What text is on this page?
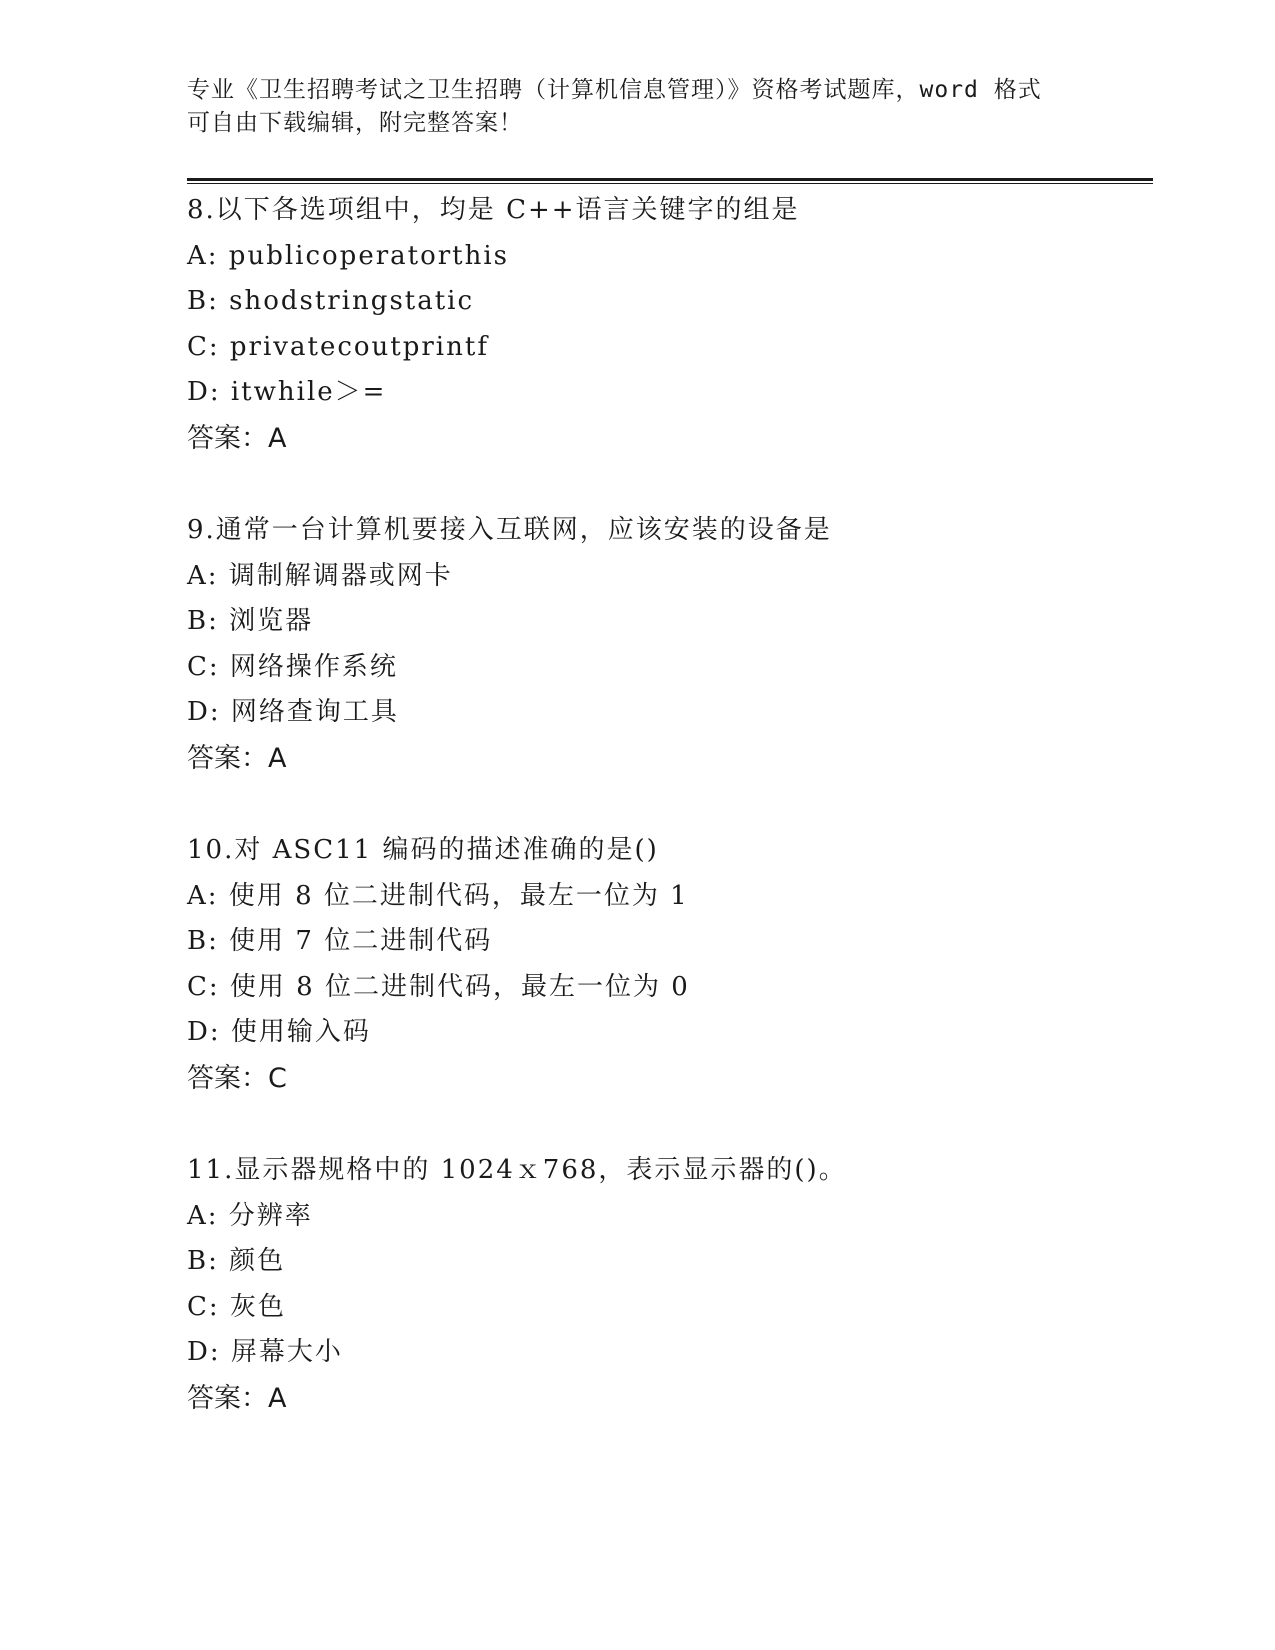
专业《卫生招聘考试之卫生招聘（计算机信息管理）》资格考试题库，word 格式
可自由下载编辑，附完整答案！
8.以下各选项组中，均是 C++语言关键字的组是
A: publicoperatorthis
B: shodstringstatic
C: privatecoutprintf
D: itwhile＞=
答案：A
9.通常一台计算机要接入互联网，应该安装的设备是
A: 调制解调器或网卡
B: 浏览器
C: 网络操作系统
D: 网络查询工具
答案：A
10.对 ASC11 编码的描述准确的是()
A: 使用 8 位二进制代码，最左一位为 1
B: 使用 7 位二进制代码
C: 使用 8 位二进制代码，最左一位为 0
D: 使用输入码
答案：C
11.显示器规格中的 1024ｘ768，表示显示器的()。
A: 分辨率
B: 颜色
C: 灰色
D: 屏幕大小
答案：A
